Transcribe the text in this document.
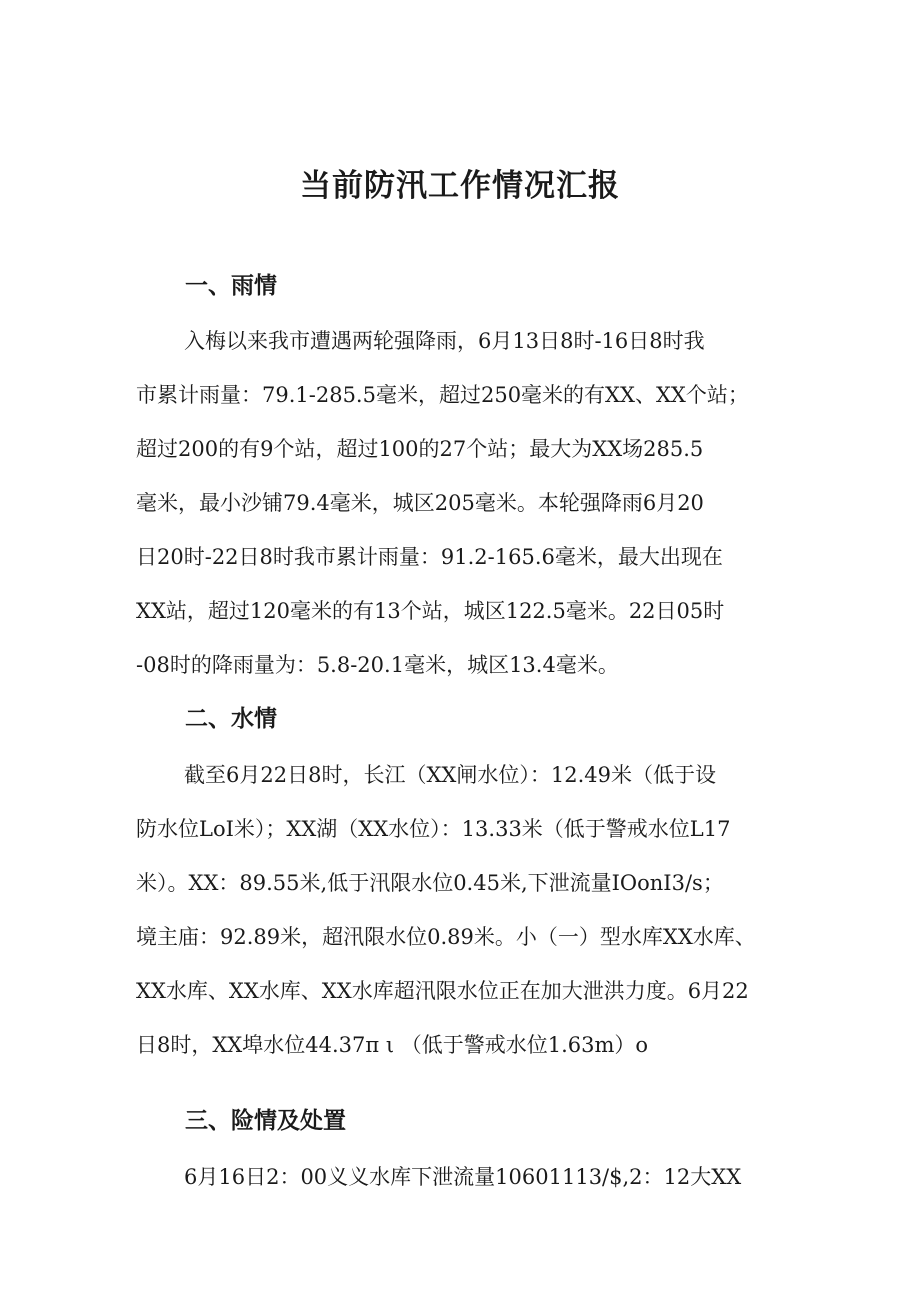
当前防汛工作情况汇报
一、雨情
入梅以来我市遭遇两轮强降雨，6月13日8时-16日8时我
市累计雨量：79.1-285.5毫米，超过250毫米的有XX、XX个站；
超过200的有9个站，超过100的27个站；最大为XX场285.5
毫米，最小沙铺79.4毫米，城区205毫米。本轮强降雨6月20
日20时-22日8时我市累计雨量：91.2-165.6毫米，最大出现在
XX站，超过120毫米的有13个站，城区122.5毫米。22日05时
-08时的降雨量为：5.8-20.1毫米，城区13.4毫米。
二、水情
截至6月22日8时，长江（XX闸水位）：12.49米（低于设
防水位LoI米）；XX湖（XX水位）：13.33米（低于警戒水位L17
米）。XX：89.55米,低于汛限水位0.45米,下泄流量IOonI3/s；
境主庙：92.89米，超汛限水位0.89米。小（一）型水库XX水库、
XX水库、XX水库、XX水库超汛限水位正在加大泄洪力度。6月22
日8时，XX埠水位44.37π ι （低于警戒水位1.63m）o
三、险情及处置
6月16日2：00义义水库下泄流量10601113/$,2：12大XX
